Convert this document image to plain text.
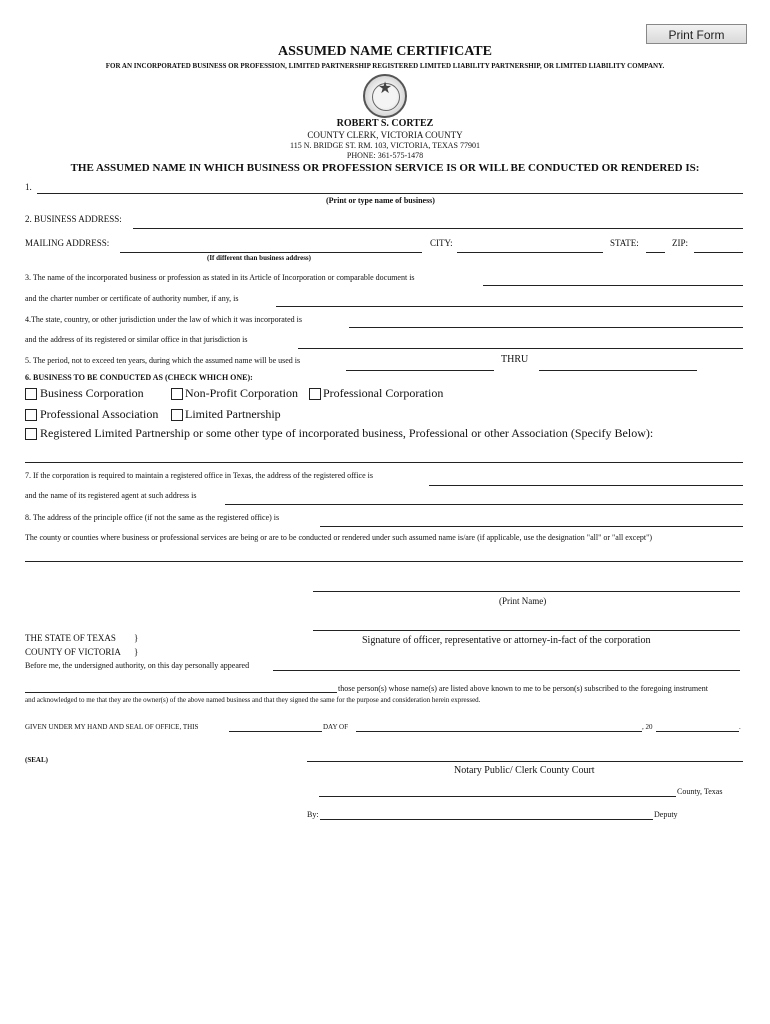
Print Form
ASSUMED NAME CERTIFICATE
FOR AN INCORPORATED BUSINESS OR PROFESSION, LIMITED PARTNERSHIP REGISTERED LIMITED LIABILITY PARTNERSHIP, OR LIMITED LIABILITY COMPANY.
★
ROBERT S. CORTEZ
COUNTY CLERK, VICTORIA COUNTY
115 N. BRIDGE ST. RM. 103, VICTORIA, TEXAS 77901
PHONE: 361-575-1478
THE ASSUMED NAME IN WHICH BUSINESS OR PROFESSION SERVICE IS OR WILL BE CONDUCTED OR RENDERED IS:
1.
(Print or type name of business)
2. BUSINESS ADDRESS:
MAILING ADDRESS:	CITY:	STATE:	ZIP:
(If different than business address)
3. The name of the incorporated business or profession as stated in its Article of Incorporation or comparable document is
and the charter number or certificate of authority number, if any, is
4.The state, country, or other jurisdiction under the law of which it was incorporated is
and the address of its registered or similar office in that jurisdiction is
5. The period, not to exceed ten years, during which the assumed name will be used is	THRU
6. BUSINESS TO BE CONDUCTED AS (CHECK WHICH ONE):
Business Corporation	Non-Profit Corporation Professional Corporation
Professional Association Limited Partnership
Registered Limited Partnership or some other type of incorporated business, Professional or other Association (Specify Below):
7. If the corporation is required to maintain a registered office in Texas, the address of the registered office is
and the name of its registered agent at such address is
8. The address of the principle office (if not the same as the registered office) is
The county or counties where business or professional services are being or are to be conducted or rendered under such assumed name is/are (if applicable, use the designation "all" or "all except")
(Print Name)
THE STATE OF TEXAS }
COUNTY OF VICTORIA }
Signature of officer, representative or attorney-in-fact of the corporation
Before me, the undersigned authority, on this day personally appeared
those person(s) whose name(s) are listed above known to me to be person(s) subscribed to the foregoing instrument
and acknowledged to me that they are the owner(s) of the above named business and that they signed the same for the purpose and consideration herein expressed.
GIVEN UNDER MY HAND AND SEAL OF OFFICE, THIS	DAY OF	, 20	.
(SEAL)
Notary Public/ Clerk County Court
County, Texas
By:	Deputy
